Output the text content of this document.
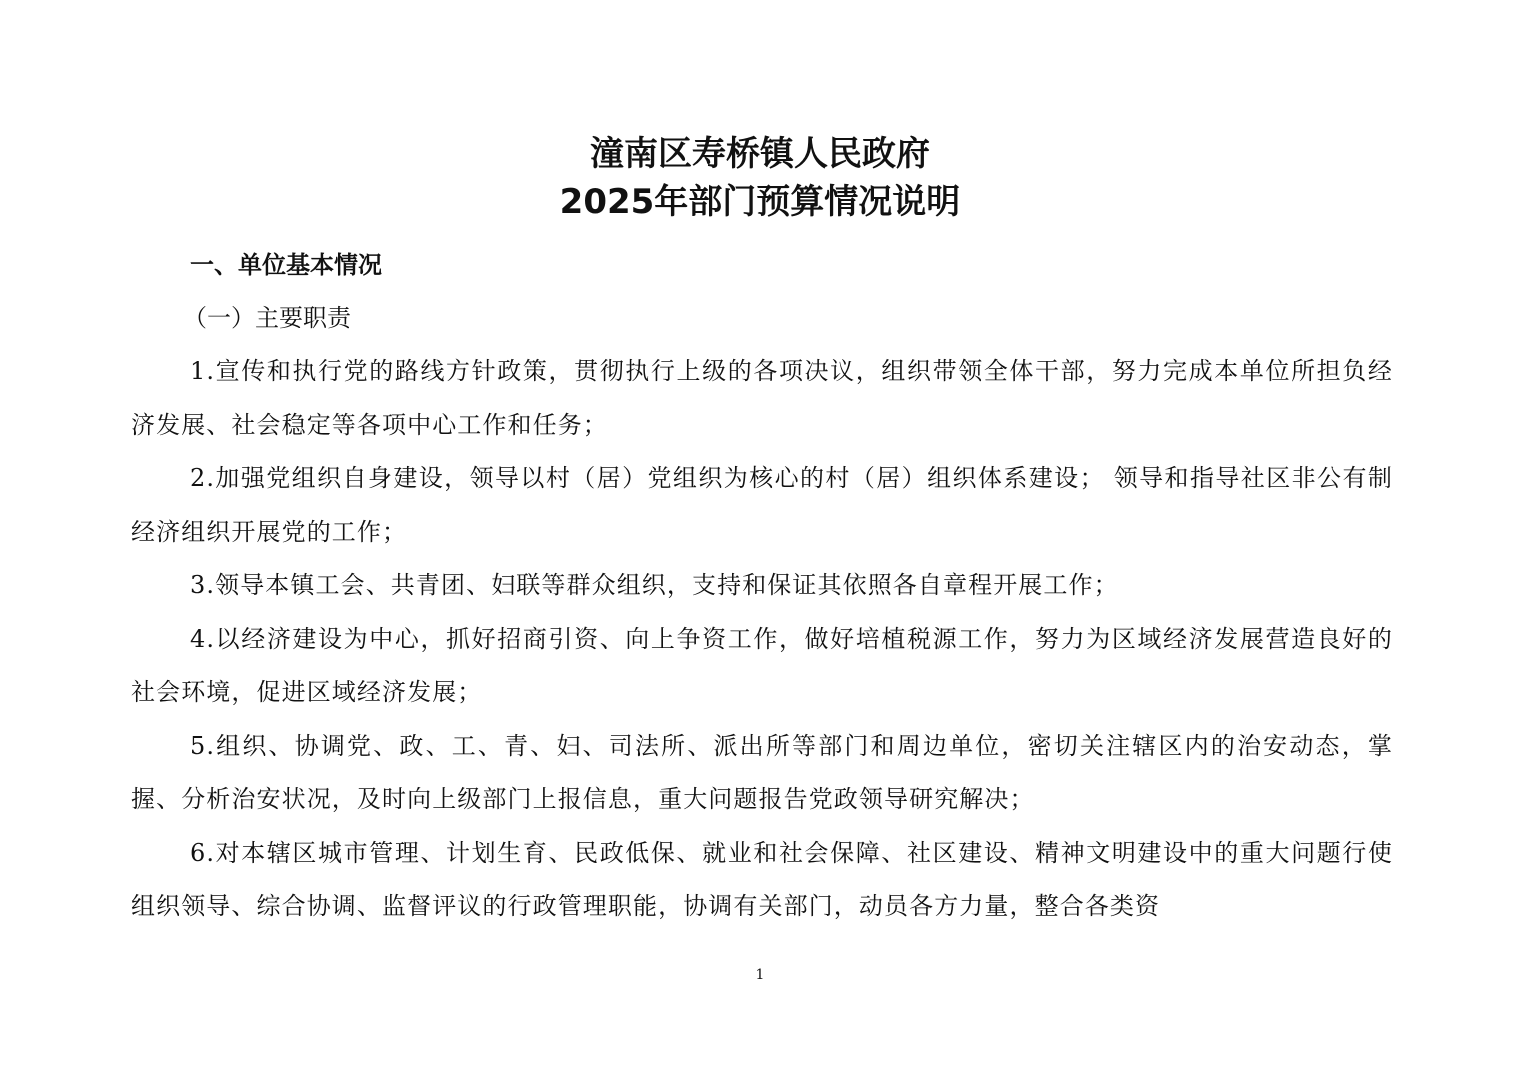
潼南区寿桥镇人民政府
2025年部门预算情况说明

一、单位基本情况

（一）主要职责

1.宣传和执行党的路线方针政策，贯彻执行上级的各项决议，组织带领全体干部，努力完成本单位所担负经济发展、社会稳定等各项中心工作和任务；

2.加强党组织自身建设，领导以村（居）党组织为核心的村（居）组织体系建设； 领导和指导社区非公有制经济组织开展党的工作；

3.领导本镇工会、共青团、妇联等群众组织，支持和保证其依照各自章程开展工作；

4.以经济建设为中心，抓好招商引资、向上争资工作，做好培植税源工作，努力为区域经济发展营造良好的社会环境，促进区域经济发展；

5.组织、协调党、政、工、青、妇、司法所、派出所等部门和周边单位，密切关注辖区内的治安动态，掌握、分析治安状况，及时向上级部门上报信息，重大问题报告党政领导研究解决；

6.对本辖区城市管理、计划生育、民政低保、就业和社会保障、社区建设、精神文明建设中的重大问题行使组织领导、综合协调、监督评议的行政管理职能，协调有关部门，动员各方力量，整合各类资

1
